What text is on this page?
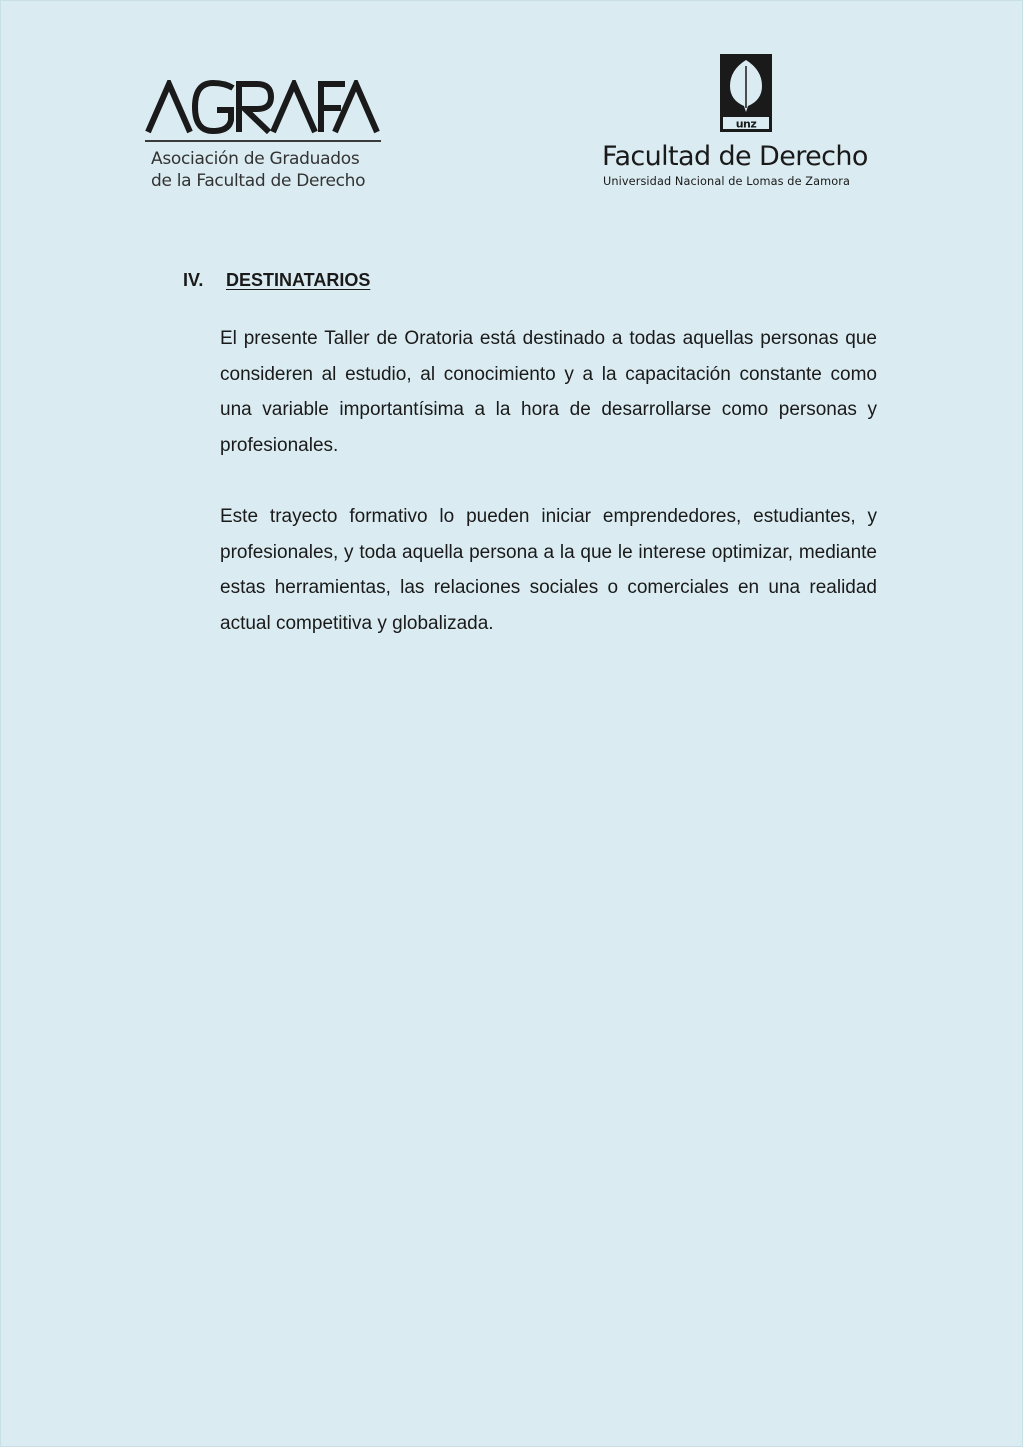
Asociación de Graduados
de la Facultad de Derecho
unz
Facultad de Derecho
Universidad Nacional de Lomas de Zamora
IV. DESTINATARIOS

El presente Taller de Oratoria está destinado a todas aquellas personas que consideren al estudio, al conocimiento y a la capacitación constante como una variable importantísima a la hora de desarrollarse como personas y profesionales.

Este trayecto formativo lo pueden iniciar emprendedores, estudiantes, y profesionales, y toda aquella persona a la que le interese optimizar, mediante estas herramientas, las relaciones sociales o comerciales en una realidad actual competitiva y globalizada.
